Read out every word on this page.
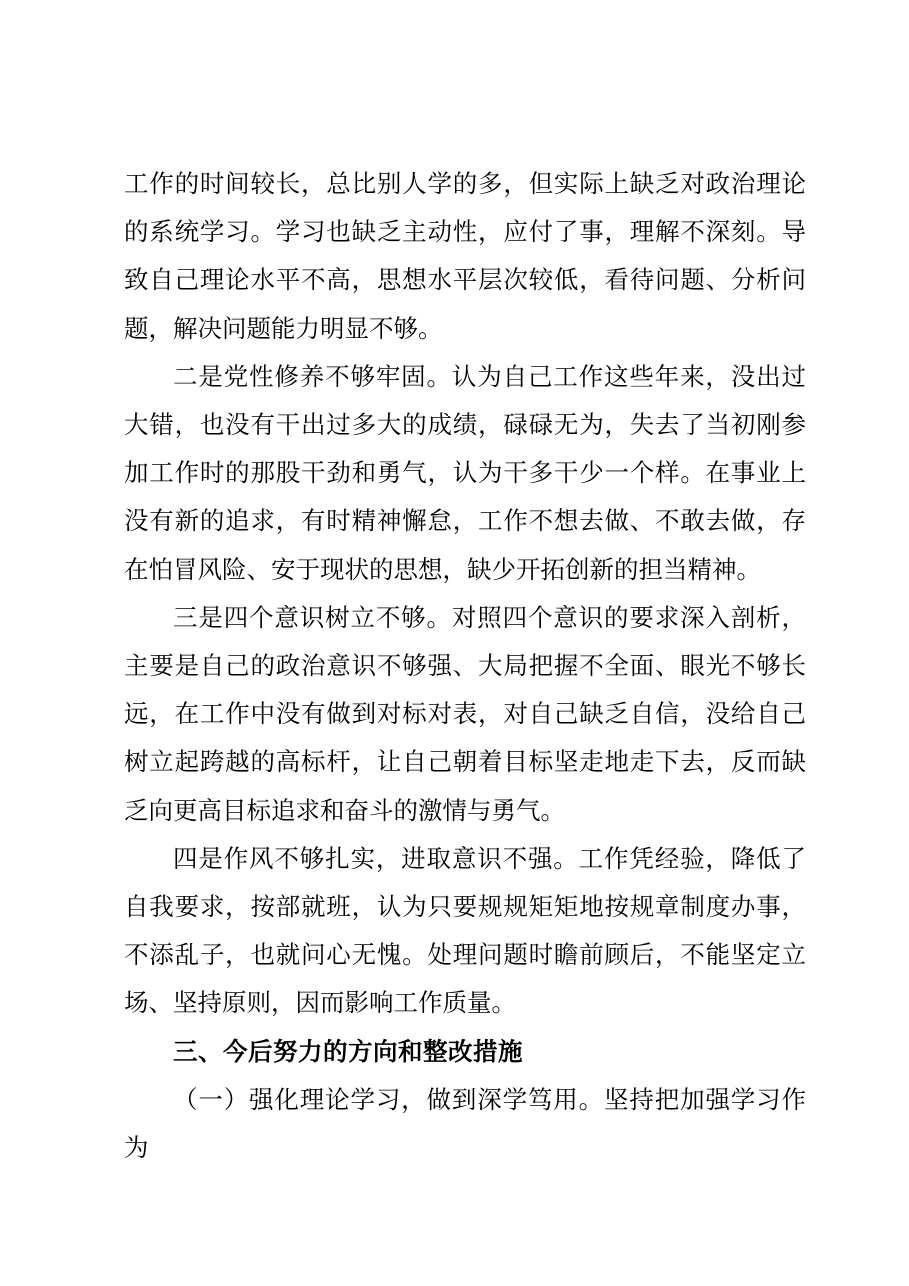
工作的时间较长，总比别人学的多，但实际上缺乏对政治理论的系统学习。学习也缺乏主动性，应付了事，理解不深刻。导致自己理论水平不高，思想水平层次较低，看待问题、分析问题，解决问题能力明显不够。

二是党性修养不够牢固。认为自己工作这些年来，没出过大错，也没有干出过多大的成绩，碌碌无为，失去了当初刚参加工作时的那股干劲和勇气，认为干多干少一个样。在事业上没有新的追求，有时精神懈怠，工作不想去做、不敢去做，存在怕冒风险、安于现状的思想，缺少开拓创新的担当精神。

三是四个意识树立不够。对照四个意识的要求深入剖析，主要是自己的政治意识不够强、大局把握不全面、眼光不够长远，在工作中没有做到对标对表，对自己缺乏自信，没给自己树立起跨越的高标杆，让自己朝着目标坚走地走下去，反而缺乏向更高目标追求和奋斗的激情与勇气。

四是作风不够扎实，进取意识不强。工作凭经验，降低了自我要求，按部就班，认为只要规规矩矩地按规章制度办事，不添乱子，也就问心无愧。处理问题时瞻前顾后，不能坚定立场、坚持原则，因而影响工作质量。

三、今后努力的方向和整改措施

（一）强化理论学习，做到深学笃用。坚持把加强学习作为
